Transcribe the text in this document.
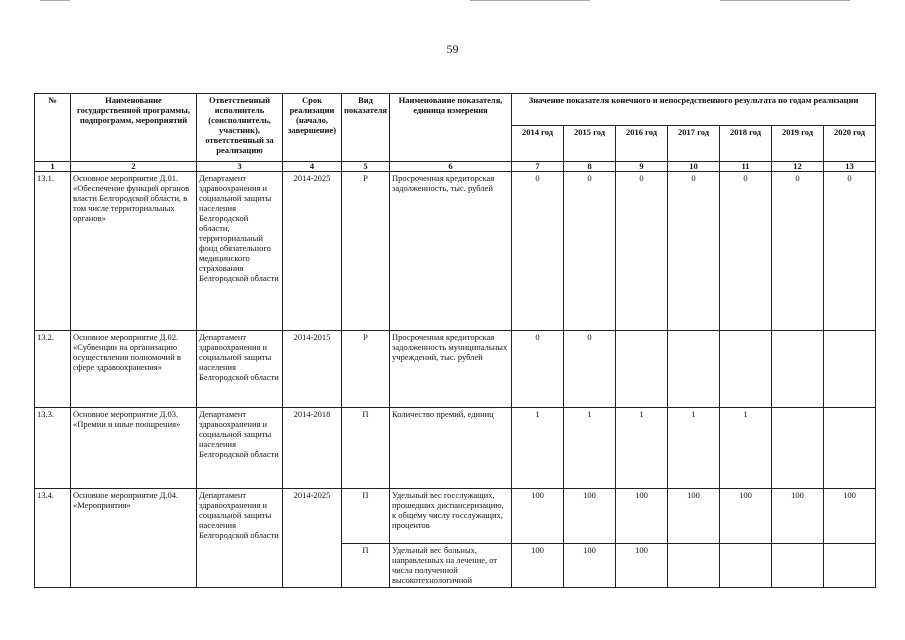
59
№	Наименование государственной программы, подпрограмм, мероприятий	Ответственный исполнитель (соисполнитель, участник), ответственный за реализацию	Срок реализации (начало, завершение)	Вид показателя	Наименование показателя, единица измерения	Значение показателя конечного и непосредственного результата по годам реализации						
						2014 год	2015 год	2016 год	2017 год	2018 год	2019 год	2020 год
1	2	3	4	5	6	7	8	9	10	11	12	13
13.1.	Основное мероприятие Д.01. «Обеспечение функций органов власти Белгородской области, в том числе территориальных органов»	Департамент здравоохранения и социальной защиты населения Белгородской области, территориальный фонд обязательного медицинского страхования Белгородской области	2014-2025	Р	Просроченная кредиторская задолженность, тыс. рублей	0	0	0	0	0	0	0
13.2.	Основное мероприятие Д.02. «Субвенции на организацию осуществления полномочий в сфере здравоохранения»	Департамент здравоохранения и социальной защиты населения Белгородской области	2014-2015	Р	Просроченная кредиторская задолженность муниципальных учреждений, тыс. рублей	0	0					
13.3.	Основное мероприятие Д.03. «Премии и иные поощрения»	Департамент здравоохранения и социальной защиты населения Белгородской области	2014-2018	П	Количество премий, единиц	1	1	1	1	1		
13.4.	Основное мероприятие Д.04. «Мероприятия»	Департамент здравоохранения и социальной защиты населения Белгородской области	2014-2025	П	Удельный вес госслужащих, прошедших диспансеризацию, к общему числу госслужащих, процентов	100	100	100	100	100	100	100
				П	Удельный вес больных, направленных на лечение, от числа полученной высокотехнологичной	100	100	100				
